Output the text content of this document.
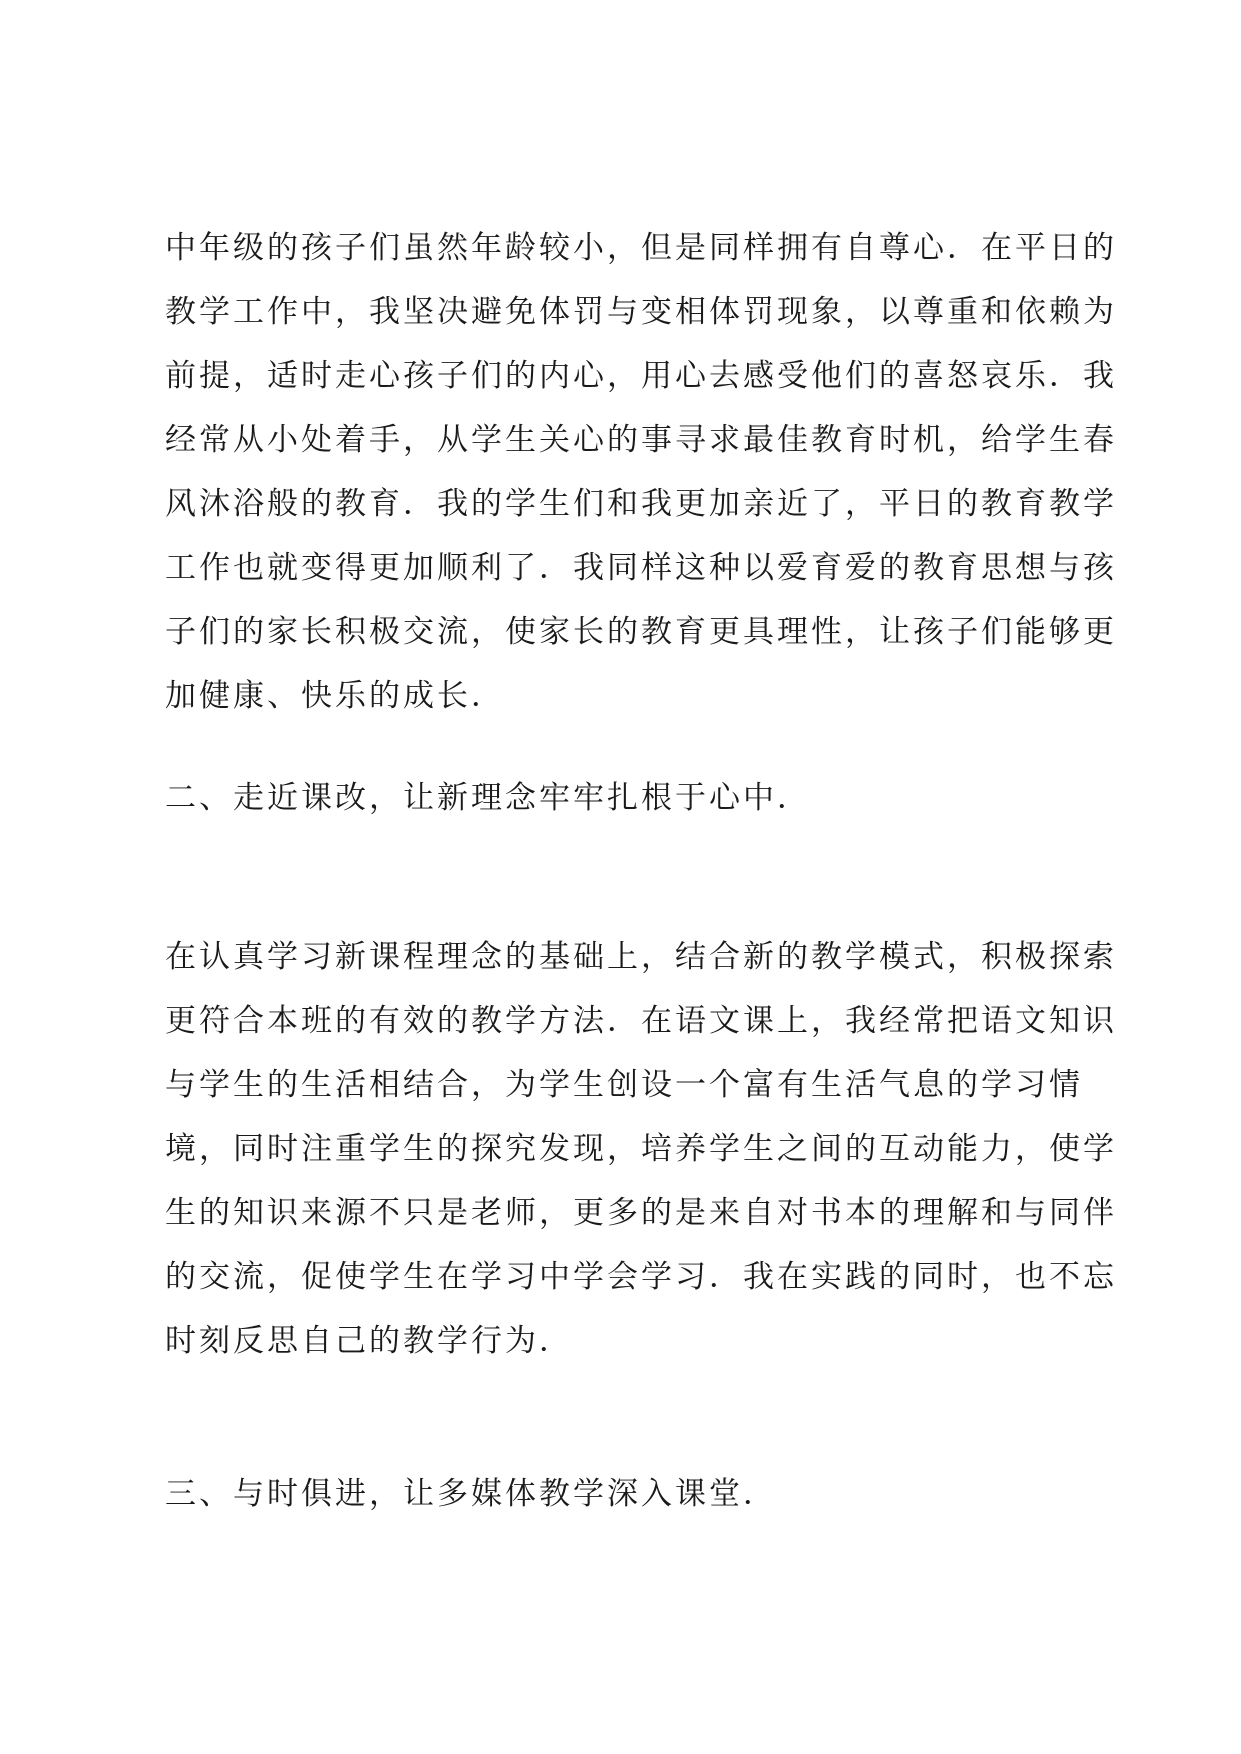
中年级的孩子们虽然年龄较小，但是同样拥有自尊心．在平日的

教学工作中，我坚决避免体罚与变相体罚现象，以尊重和依赖为

前提，适时走心孩子们的内心，用心去感受他们的喜怒哀乐．我

经常从小处着手，从学生关心的事寻求最佳教育时机，给学生春

风沐浴般的教育．我的学生们和我更加亲近了，平日的教育教学

工作也就变得更加顺利了．我同样这种以爱育爱的教育思想与孩

子们的家长积极交流，使家长的教育更具理性，让孩子们能够更

加健康、快乐的成长．

二、走近课改，让新理念牢牢扎根于心中．

在认真学习新课程理念的基础上，结合新的教学模式，积极探索

更符合本班的有效的教学方法．在语文课上，我经常把语文知识

与学生的生活相结合，为学生创设一个富有生活气息的学习情

境，同时注重学生的探究发现，培养学生之间的互动能力，使学

生的知识来源不只是老师，更多的是来自对书本的理解和与同伴

的交流，促使学生在学习中学会学习．我在实践的同时，也不忘

时刻反思自己的教学行为．

三、与时俱进，让多媒体教学深入课堂．
